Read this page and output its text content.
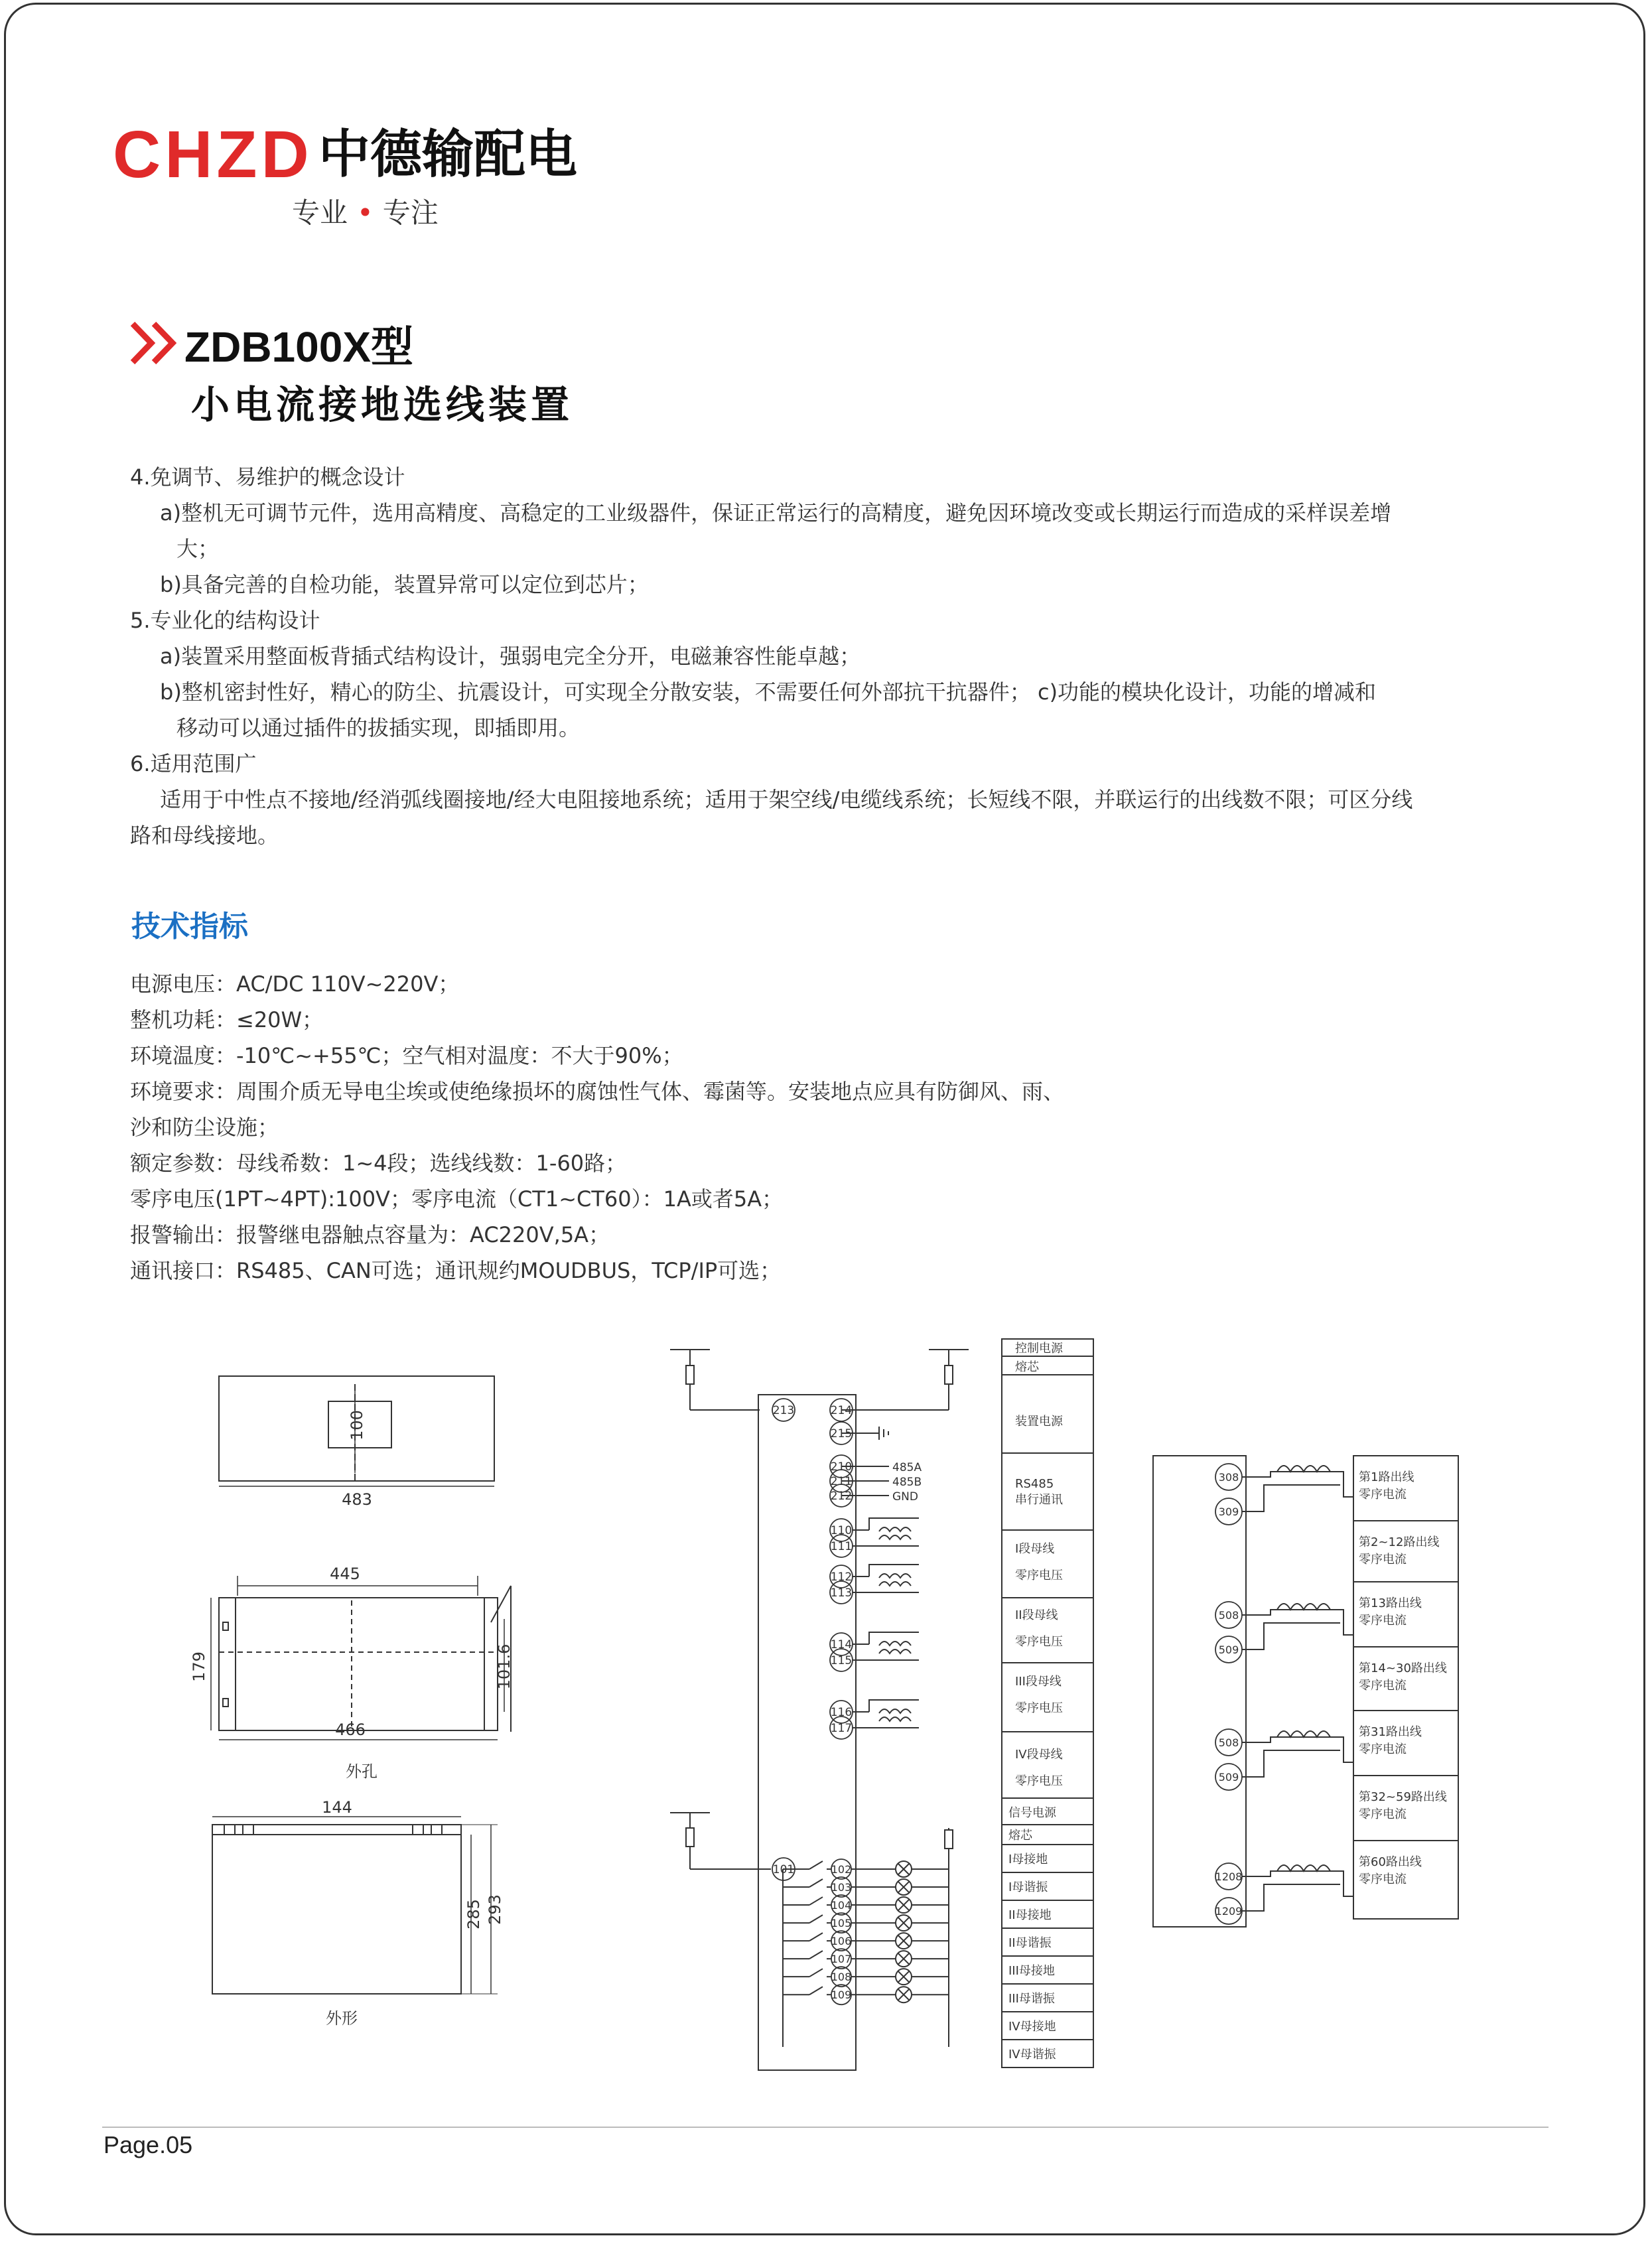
CHZD 中德输配电
专业 • 专注
ZDB100X型
小电流接地选线装置
4.免调节、易维护的概念设计
a)整机无可调节元件，选用高精度、高稳定的工业级器件，保证正常运行的高精度，避免因环境改变或长期运行而造成的采样误差增
大；
b)具备完善的自检功能，装置异常可以定位到芯片；
5.专业化的结构设计
a)装置采用整面板背插式结构设计，强弱电完全分开，电磁兼容性能卓越；
b)整机密封性好，精心的防尘、抗震设计，可实现全分散安装，不需要任何外部抗干抗器件； c)功能的模块化设计，功能的增减和
移动可以通过插件的拔插实现，即插即用。
6.适用范围广
适用于中性点不接地/经消弧线圈接地/经大电阻接地系统；适用于架空线/电缆线系统；长短线不限，并联运行的出线数不限；可区分线
路和母线接地。
技术指标
电源电压：AC/DC 110V~220V；
整机功耗：≤20W；
环境温度：-10℃~+55℃；空气相对温度：不大于90%；
环境要求：周围介质无导电尘埃或使绝缘损坏的腐蚀性气体、霉菌等。安装地点应具有防御风、雨、
沙和防尘设施；
额定参数：母线希数：1~4段；选线线数：1-60路；
零序电压(1PT~4PT):100V；零序电流（CT1~CT60）：1A或者5A；
报警输出：报警继电器触点容量为：AC220V,5A；
通讯接口：RS485、CAN可选；通讯规约MOUDBUS，TCP/IP可选；
483
100
445
179	101.6
466
外孔
144
285 293
外形
110
111
112
113
114
115
116
117
102
103
104
105
106
107
108
109
213	214
215
210
211
212
485A
485B
GND
101
控制电源
熔芯
装置电源
RS485
串行通讯
I段母线
零序电压
II段母线
零序电压
III段母线
零序电压
IV段母线
零序电压
信号电源
熔芯
I母接地
I母谐振
II母接地
II母谐振
III母接地
III母谐振
IV母接地
IV母谐振
308
309
508
509
508
509
1208
1209
第1路出线
零序电流
第2~12路出线
零序电流
第13路出线
零序电流
第14~30路出线
零序电流
第31路出线
零序电流
第32~59路出线
零序电流
第60路出线
零序电流
Page.05
